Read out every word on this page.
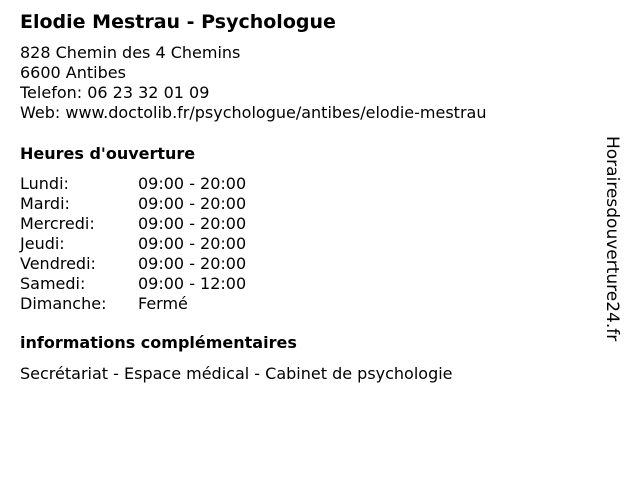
Elodie Mestrau - Psychologue
828 Chemin des 4 Chemins
6600 Antibes
Telefon: 06 23 32 01 09
Web: www.doctolib.fr/psychologue/antibes/elodie-mestrau
Heures d'ouverture
Lundi:	09:00 - 20:00
Mardi:	09:00 - 20:00
Mercredi:	09:00 - 20:00
Jeudi:	09:00 - 20:00
Vendredi:	09:00 - 20:00
Samedi:	09:00 - 12:00
Dimanche:	Fermé
informations complémentaires
Secrétariat - Espace médical - Cabinet de psychologie
Horairesdouverture24.fr
